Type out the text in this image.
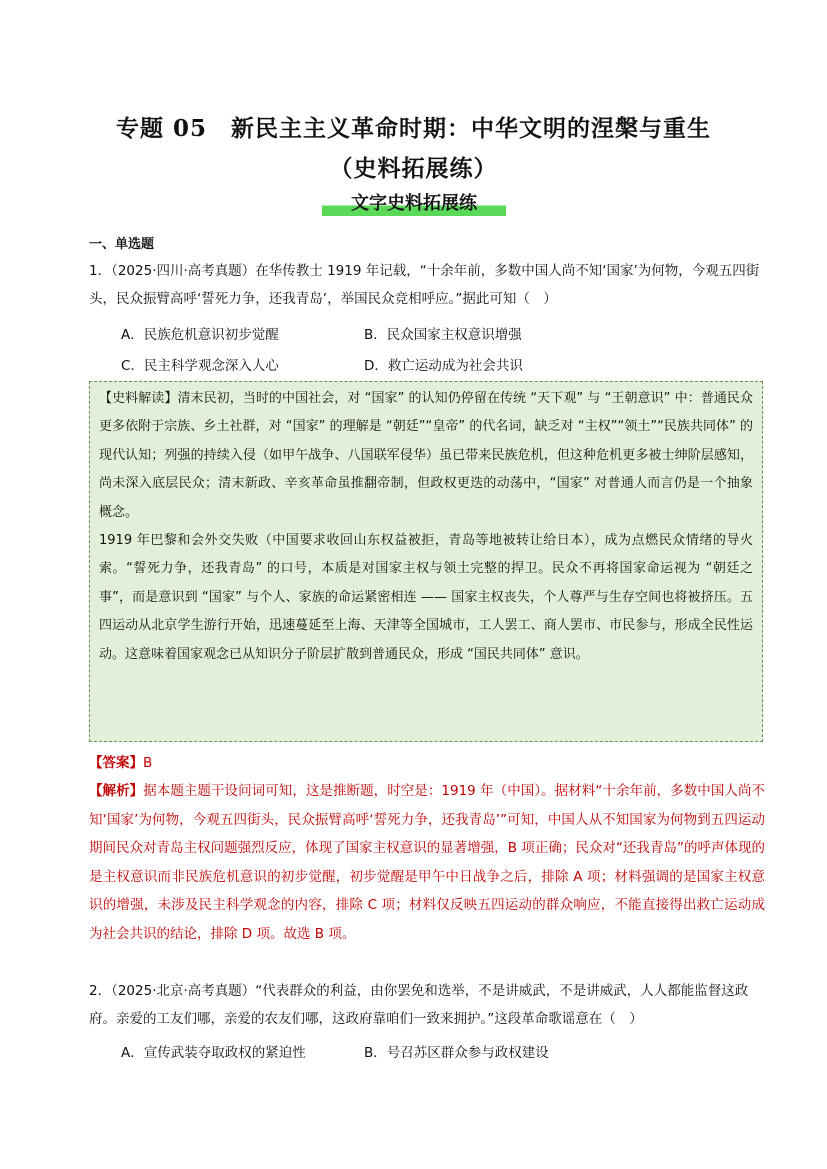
专题 05　新民主主义革命时期：中华文明的涅槃与重生
（史料拓展练）
文字史料拓展练
一、单选题
1．（2025·四川·高考真题）在华传教士 1919 年记载，“十余年前，多数中国人尚不知‘国家’为何物，今观五四街头，民众振臂高呼‘誓死力争，还我青岛’，举国民众竞相呼应。”据此可知（　）
A．民族危机意识初步觉醒	B．民众国家主权意识增强
C．民主科学观念深入人心	D．救亡运动成为社会共识

【史料解读】清末民初，当时的中国社会，对 “国家” 的认知仍停留在传统 “天下观” 与 “王朝意识” 中：普通民众更多依附于宗族、乡土社群，对 “国家” 的理解是 “朝廷”“皇帝” 的代名词，缺乏对 “主权”“领土”“民族共同体” 的现代认知；列强的持续入侵（如甲午战争、八国联军侵华）虽已带来民族危机，但这种危机更多被士绅阶层感知，尚未深入底层民众；清末新政、辛亥革命虽推翻帝制，但政权更迭的动荡中，“国家” 对普通人而言仍是一个抽象概念。

1919 年巴黎和会外交失败（中国要求收回山东权益被拒，青岛等地被转让给日本），成为点燃民众情绪的导火索。“誓死力争，还我青岛” 的口号，本质是对国家主权与领土完整的捍卫。民众不再将国家命运视为 “朝廷之事”，而是意识到 “国家” 与个人、家族的命运紧密相连 —— 国家主权丧失，个人尊严与生存空间也将被挤压。五四运动从北京学生游行开始，迅速蔓延至上海、天津等全国城市，工人罢工、商人罢市、市民参与，形成全民性运动。这意味着国家观念已从知识分子阶层扩散到普通民众，形成 “国民共同体” 意识。

【答案】B
【解析】据本题主题干设问词可知，这是推断题，时空是：1919 年（中国）。据材料“十余年前，多数中国人尚不知‘国家’为何物，今观五四街头，民众振臂高呼‘誓死力争，还我青岛’”可知，中国人从不知国家为何物到五四运动期间民众对青岛主权问题强烈反应，体现了国家主权意识的显著增强，B 项正确；民众对“还我青岛”的呼声体现的是主权意识而非民族危机意识的初步觉醒，初步觉醒是甲午中日战争之后，排除 A 项；材料强调的是国家主权意识的增强，未涉及民主科学观念的内容，排除 C 项；材料仅反映五四运动的群众响应，不能直接得出救亡运动成为社会共识的结论，排除 D 项。故选 B 项。
2．（2025·北京·高考真题）“代表群众的利益，由你罢免和选举，不是讲威武，不是讲威武，人人都能监督这政府。亲爱的工友们哪，亲爱的农友们哪，这政府靠咱们一致来拥护。”这段革命歌谣意在（　）
A．宣传武装夺取政权的紧迫性	B．号召苏区群众参与政权建设
